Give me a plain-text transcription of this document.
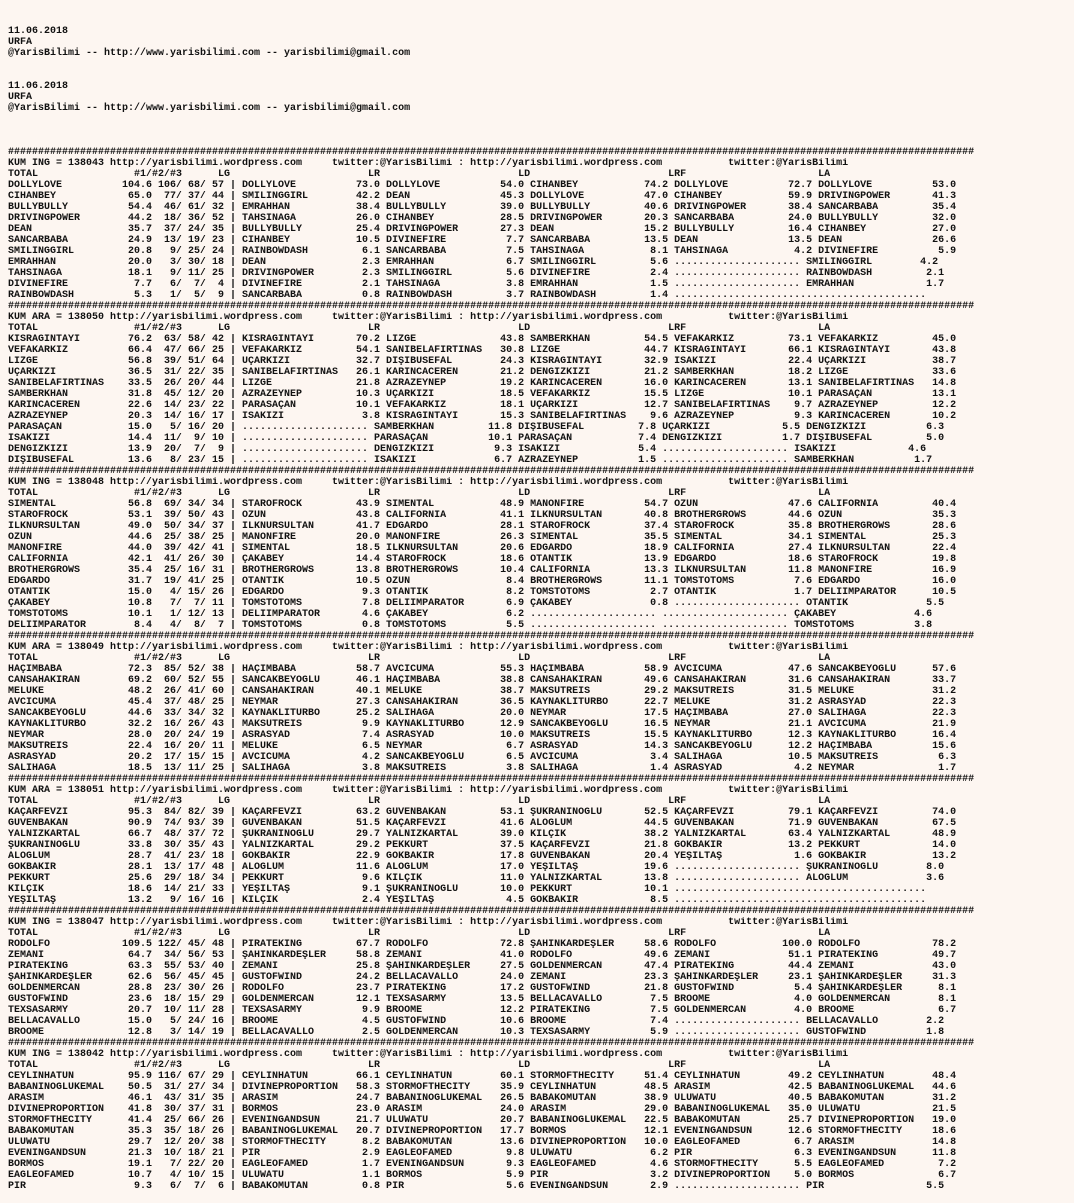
11.06.2018
URFA
@YarisBilimi -- http://www.yarisbilimi.com -- yarisbilimi@gmail.com

11.06.2018
URFA
@YarisBilimi -- http://www.yarisbilimi.com -- yarisbilimi@gmail.com

#################################################################################################################################################################
KUM ING = 138043 http://yarisbilimi.wordpress.com     twitter:@YarisBilimi : http://yarisbilimi.wordpress.com           twitter:@YarisBilimi
TOTAL                #1/#2/#3      LG                       LR                       LD                       LRF                      LA
DOLLYLOVE          104.6 106/ 68/ 57 | DOLLYLOVE          73.0 DOLLYLOVE          54.0 CIHANBEY           74.2 DOLLYLOVE          72.7 DOLLYLOVE          53.0
CIHANBEY            65.0  77/ 37/ 44 | SMILINGGIRL        42.2 DEAN               45.3 DOLLYLOVE          47.0 CIHANBEY           59.9 DRIVINGPOWER       41.3
BULLYBULLY          54.4  46/ 61/ 32 | EMRAHHAN           38.4 BULLYBULLY         39.0 BULLYBULLY         40.6 DRIVINGPOWER       38.4 SANCARBABA         35.4
DRIVINGPOWER        44.2  18/ 36/ 52 | TAHSINAGA          26.0 CIHANBEY           28.5 DRIVINGPOWER       20.3 SANCARBABA         24.0 BULLYBULLY         32.0
DEAN                35.7  37/ 24/ 35 | BULLYBULLY         25.4 DRIVINGPOWER       27.3 DEAN               15.2 BULLYBULLY         16.4 CIHANBEY           27.0
SANCARBABA          24.9  13/ 19/ 23 | CIHANBEY           10.5 DIVINEFIRE          7.7 SANCARBABA         13.5 DEAN               13.5 DEAN               26.6
SMILINGGIRL         20.8   9/ 25/ 24 | RAINBOWDASH         6.1 SANCARBABA          7.5 TAHSINAGA           8.1 TAHSINAĞA           4.2 DIVINEFIRE          5.9
EMRAHHAN            20.0   3/ 30/ 18 | DEAN                2.3 EMRAHHAN            6.7 SMILINGGIRL         5.6 ..................... SMILINGGIRL        4.2
TAHSINAGA           18.1   9/ 11/ 25 | DRIVINGPOWER        2.3 SMILINGGIRL         5.6 DIVINEFIRE          2.4 ..................... RAINBOWDASH         2.1
DIVINEFIRE           7.7   6/  7/  4 | DIVINEFIRE          2.1 TAHSINAGA           3.8 EMRAHHAN            1.5 ..................... EMRAHHAN            1.7
RAINBOWDASH          5.3   1/  5/  9 | SANCARBABA          0.8 RAINBOWDASH         3.7 RAINBOWDASH         1.4 ..........................................
#################################################################################################################################################################
KUM ARA = 138050 http://yarisbilimi.wordpress.com     twitter:@YarisBilimi : http://yarisbilimi.wordpress.com           twitter:@YarisBilimi
TOTAL                #1/#2/#3      LG                       LR                       LD                       LRF                      LA
KISRAĞINTAYI        76.2  63/ 58/ 42 | KISRAĞINTAYI       70.2 LİZGE              43.8 SAMBERKHAN         54.5 VEFAKARKIZ         73.1 VEFAKARKIZ         45.0
VEFAKARKIZ          66.4  47/ 66/ 25 | VEFAKARKIZ         54.1 SANİBELAFIRTINAS   30.8 LİZGE              44.7 KISRAĞINTAYI       66.1 KISRAĞINTAYI       43.8
LİZGE               56.8  39/ 51/ 64 | UÇARKIZI           32.7 DİŞİBUSEFAL        24.3 KISRAĞINTAYI       32.9 İSAKIZI            22.4 UÇARKIZI           38.7
UÇARKIZI            36.5  31/ 22/ 35 | SANİBELAFIRTINAS   26.1 KARINCACEREN       21.2 DENGIZKIZI         21.2 SAMBERKHAN         18.2 LİZGE              33.6
SANİBELAFIRTINAS    33.5  26/ 20/ 44 | LİZGE              21.8 AZRAZEYNEP         19.2 KARINCACEREN       16.0 KARINCACEREN       13.1 SANİBELAFIRTINAS   14.8
SAMBERKHAN          31.8  45/ 12/ 20 | AZRAZEYNEP         10.3 UÇARKIZI           18.5 VEFAKARKIZ         15.5 LİZGE              10.1 PARASAÇAN          13.1
KARINCACEREN        22.6  14/ 23/ 22 | PARASAÇAN          10.1 VEFAKARKIZ         18.1 UÇARKIZI           12.7 SANİBELAFIRTINAS    9.7 AZRAZEYNEP         12.2
AZRAZEYNEP          20.3  14/ 16/ 17 | İSAKIZI             3.8 KISRAĞINTAYI       15.3 SANİBELAFIRTINAS    9.6 AZRAZEYNEP          9.3 KARINCACEREN       10.2
PARASAÇAN           15.0   5/ 16/ 20 | ..................... SAMBERKHAN         11.8 DİŞİBUSEFAL         7.8 UÇARKIZI            5.5 DENGIZKIZI          6.3
İSAKIZI             14.4  11/  9/ 10 | ..................... PARASAÇAN          10.1 PARASAÇAN           7.4 DENGIZKIZI          1.7 DİŞİBUSEFAL         5.0
DENGIZKIZI          13.9  20/  7/  9 | ..................... DENGIZKIZI          9.3 İSAKIZI             5.4 ..................... İSAKIZI            4.6
DİŞİBUSEFAL         13.6   8/ 23/ 15 | ..................... İSAKIZI             6.7 AZRAZEYNEP          1.5 ..................... SAMBERKHAN          1.7
#################################################################################################################################################################
KUM ING = 138048 http://yarisbilimi.wordpress.com     twitter:@YarisBilimi : http://yarisbilimi.wordpress.com           twitter:@YarisBilimi
TOTAL                #1/#2/#3      LG                       LR                       LD                       LRF                      LA
SIMENTAL            56.8  69/ 34/ 34 | STAROFROCK         43.9 SIMENTAL           48.9 MANONFIRE          54.7 ÖZÜN               47.6 CALIFORNIA         40.4
STAROFROCK          53.1  39/ 50/ 43 | ÖZÜN               43.8 CALIFORNIA         41.1 İLKNURSULTAN       40.8 BROTHERGROWS       44.6 ÖZÜN               35.3
İLKNURSULTAN        49.0  50/ 34/ 37 | İLKNURSULTAN       41.7 EDGARDO            28.1 STAROFROCK         37.4 STAROFROCK         35.8 BROTHERGROWS       28.6
ÖZÜN                44.6  25/ 38/ 25 | MANONFIRE          20.0 MANONFIRE          26.3 SIMENTAL           35.5 SIMENTAL           34.1 SIMENTAL           25.3
MANONFIRE           44.0  39/ 42/ 41 | SIMENTAL           18.5 İLKNURSULTAN       20.6 EDGARDO            18.9 CALIFORNIA         27.4 İLKNURSULTAN       22.4
CALIFORNIA          42.1  41/ 26/ 30 | ÇAKABEY            14.4 STAROFROCK         18.6 OTANTİK            13.9 EDGARDO            18.6 STAROFROCK         19.8
BROTHERGROWS        35.4  25/ 16/ 31 | BROTHERGROWS       13.8 BROTHERGROWS       10.4 CALIFORNIA         13.3 İLKNURSULTAN       11.8 MANONFIRE          16.9
EDGARDO             31.7  19/ 41/ 25 | OTANTİK            10.5 ÖZÜN                8.4 BROTHERGROWS       11.1 TOMSTOTOMS          7.6 EDGARDO            16.0
OTANTİK             15.0   4/ 15/ 26 | EDGARDO             9.3 OTANTİK             8.2 TOMSTOTOMS          2.7 OTANTİK             1.7 DELİİMPARATOR      10.5
ÇAKABEY             10.8   7/  7/ 11 | TOMSTOTOMS          7.8 DELİİMPARATOR       6.9 ÇAKABEY             0.8 ..................... OTANTİK             5.5
TOMSTOTOMS          10.1   1/ 12/ 13 | DELİİMPARATOR       4.6 ÇAKABEY             6.2 ..................... ..................... ÇAKABEY             4.6
DELİİMPARATOR        8.4   4/  8/  7 | TOMSTOTOMS          0.8 TOMSTOTOMS          5.5 ..................... ..................... TOMSTOTOMS          3.8
#################################################################################################################################################################
KUM ARA = 138049 http://yarisbilimi.wordpress.com     twitter:@YarisBilimi : http://yarisbilimi.wordpress.com           twitter:@YarisBilimi
TOTAL                #1/#2/#3      LG                       LR                       LD                       LRF                      LA
HAÇIMBABA           72.3  85/ 52/ 38 | HAÇIMBABA          58.7 AVCICUMA           55.3 HAÇIMBABA          58.9 AVCICUMA           47.6 SANCAKBEYOĞLU      57.6
CANSAHAKIRAN        69.2  60/ 52/ 55 | SANCAKBEYOĞLU      46.1 HAÇIMBABA          38.8 CANSAHAKIRAN       49.6 CANSAHAKIRAN       31.6 CANSAHAKIRAN       33.7
MELUKE              48.2  26/ 41/ 60 | CANSAHAKIRAN       40.1 MELUKE             38.7 MAKSUTREİS         29.2 MAKSUTREİS         31.5 MELUKE             31.2
AVCICUMA            45.4  37/ 48/ 25 | NEYMAR             27.3 CANSAHAKIRAN       36.5 KAYNAKLITURBO      22.7 MELUKE             31.2 ASRASYAD           22.3
SANCAKBEYOĞLU       44.6  33/ 34/ 32 | KAYNAKLITURBO      25.2 SALİHAGA           20.0 NEYMAR             17.5 HAÇIMBABA          27.0 SALİHAGA           22.3
KAYNAKLITURBO       32.2  16/ 26/ 43 | MAKSUTREİS          9.9 KAYNAKLITURBO      12.9 SANCAKBEYOĞLU      16.5 NEYMAR             21.1 AVCICUMA           21.9
NEYMAR              28.0  20/ 24/ 19 | ASRASYAD            7.4 ASRASYAD           10.0 MAKSUTREİS         15.5 KAYNAKLITURBO      12.3 KAYNAKLITURBO      16.4
MAKSUTREİS          22.4  16/ 20/ 11 | MELUKE              6.5 NEYMAR              6.7 ASRASYAD           14.3 SANCAKBEYOĞLU      12.2 HAÇIMBABA          15.6
ASRASYAD            20.2  17/ 15/ 15 | AVCICUMA            4.2 SANCAKBEYOĞLU       6.5 AVCICUMA            3.4 SALİHAGA           10.5 MAKSUTREİS          6.3
SALİHAGA            18.5  13/ 11/ 25 | SALİHAGA            3.8 MAKSUTREİS          3.8 SALİHAGA            1.4 ASRASYAD            4.2 NEYMAR              1.7
#################################################################################################################################################################
KUM ARA = 138051 http://yarisbilimi.wordpress.com     twitter:@YarisBilimi : http://yarisbilimi.wordpress.com           twitter:@YarisBilimi
TOTAL                #1/#2/#3      LG                       LR                       LD                       LRF                      LA
KAÇARFEVZİ          95.3  84/ 82/ 39 | KAÇARFEVZİ         63.2 GÜVENBAKAN         53.1 ŞUKRANINOĞLU       52.5 KAÇARFEVZİ         79.1 KAÇARFEVZİ         74.0
GÜVENBAKAN          90.9  74/ 93/ 39 | GÜVENBAKAN         51.5 KAÇARFEVZİ         41.6 ALOGLUM            44.5 GÜVENBAKAN         71.9 GÜVENBAKAN         67.5
YALNIZKARTAL        66.7  48/ 37/ 72 | ŞUKRANINOĞLU       29.7 YALNIZKARTAL       39.0 KILÇIK             38.2 YALNIZKARTAL       63.4 YALNIZKARTAL       48.9
ŞUKRANINOĞLU        33.8  30/ 35/ 43 | YALNIZKARTAL       29.2 PEKKURT            37.5 KAÇARFEVZİ         21.8 GOKBAKIR           13.2 PEKKURT            14.0
ALOGLUM             28.7  41/ 23/ 18 | GOKBAKIR           22.9 GOKBAKIR           17.8 GÜVENBAKAN         20.4 YEŞİLTAŞ            1.6 GOKBAKIR           13.2
GOKBAKIR            28.1  13/ 17/ 48 | ALOGLUM            11.6 ALOGLUM            17.0 YEŞİLTAŞ           19.6 ..................... ŞUKRANINOĞLU        8.0
PEKKURT             25.6  29/ 18/ 34 | PEKKURT             9.6 KILÇIK             11.0 YALNIZKARTAL       13.8 ..................... ALOGLUM             3.6
KILÇIK              18.6  14/ 21/ 33 | YEŞİLTAŞ            9.1 ŞUKRANINOĞLU       10.0 PEKKURT            10.1 ..........................................
YEŞİLTAŞ            13.2   9/ 16/ 16 | KILÇIK              2.4 YEŞİLTAŞ            4.5 GOKBAKIR            8.5 ..........................................
#################################################################################################################################################################
KUM ING = 138047 http://yarisbilimi.wordpress.com     twitter:@YarisBilimi : http://yarisbilimi.wordpress.com           twitter:@YarisBilimi
TOTAL                #1/#2/#3      LG                       LR                       LD                       LRF                      LA
RODOLFO            109.5 122/ 45/ 48 | PIRATEKING         67.7 RODOLFO            72.8 ŞAHİNKARDEŞLER     58.6 RODOLFO           100.0 RODOLFO            78.2
ZEMANİ              64.7  34/ 56/ 53 | ŞAHİNKARDEŞLER     58.8 ZEMANİ             41.0 RODOLFO            49.6 ZEMANİ             51.1 PIRATEKING         49.7
PIRATEKING          63.3  55/ 53/ 40 | ZEMANİ             25.8 ŞAHİNKARDEŞLER     27.5 GOLDENMERCAN       47.4 PIRATEKING         44.4 ZEMANİ             43.0
ŞAHİNKARDEŞLER      62.6  56/ 45/ 45 | GUSTOFWIND         24.2 BELLACAVALLO       24.0 ZEMANİ             23.3 ŞAHİNKARDEŞLER     23.1 ŞAHİNKARDEŞLER     31.3
GOLDENMERCAN        28.8  23/ 30/ 26 | RODOLFO            23.7 PIRATEKING         17.2 GUSTOFWIND         21.8 GUSTOFWIND          5.4 ŞAHİNKARDEŞLER      8.1
GUSTOFWIND          23.6  18/ 15/ 29 | GOLDENMERCAN       12.1 TEXSASARMY         13.5 BELLACAVALLO        7.5 BROOME              4.0 GOLDENMERCAN        8.1
TEXSASARMY          20.7  10/ 11/ 28 | TEXSASARMY          9.9 BROOME             12.2 PIRATEKING          7.5 GOLDENMERCAN        4.0 BROOME              6.7
BELLACAVALLO        15.0   5/ 24/ 16 | BROOME              4.5 GUSTOFWIND         10.6 BROOME              7.4 ..................... BELLACAVALLO        2.2
BROOME              12.8   3/ 14/ 19 | BELLACAVALLO        2.5 GOLDENMERCAN       10.3 TEXSASARMY          5.9 ..................... GUSTOFWIND          1.8
#################################################################################################################################################################
KUM ING = 138042 http://yarisbilimi.wordpress.com     twitter:@YarisBilimi : http://yarisbilimi.wordpress.com           twitter:@YarisBilimi
TOTAL                #1/#2/#3      LG                       LR                       LD                       LRF                      LA
CEYLİNHATUN         95.9 116/ 67/ 29 | CEYLİNHATUN        66.1 CEYLİNHATUN        60.1 STORMOFTHECITY     51.4 CEYLİNHATUN        49.2 CEYLİNHATUN        48.4
BABANINOGLUKEMAL    50.5  31/ 27/ 34 | DIVINEPROPORTION   58.3 STORMOFTHECITY     35.9 CEYLİNHATUN        48.5 ARASIM             42.5 BABANINOGLUKEMAL   44.6
ARASIM              46.1  43/ 31/ 35 | ARASIM             24.7 BABANINOGLUKEMAL   26.5 BABAKOMUTAN        38.9 ULUWATU            40.5 BABAKOMUTAN        31.2
DIVINEPROPORTION    41.8  30/ 37/ 31 | BORMOS             23.0 ARASIM             24.0 ARASIM             29.0 BABANINOĞLUKEMAL   35.0 ULUWATU            21.5
STORMOFTHECITY      41.4  25/ 66/ 26 | EVENINGANDSUN      21.7 ULUWATU            20.7 BABANINOĞLUKEMAL   22.5 BABAKOMUTAN        25.7 DIVINEPROPORTION   19.0
BABAKOMUTAN         35.3  35/ 18/ 26 | BABANINOĞLUKEMAL   20.7 DIVINEPROPORTION   17.7 BORMOS             12.1 EVENINGANDSUN      12.6 STORMOFTHECITY     18.6
ULUWATU             29.7  12/ 20/ 38 | STORMOFTHECITY      8.2 BABAKOMUTAN        13.6 DIVINEPROPORTION   10.0 EAGLEOFAMED         6.7 ARASIM             14.8
EVENINGANDSUN       21.3  10/ 18/ 21 | PIR                 2.9 EAGLEOFAMED         9.8 ULUWATU             6.2 PIR                 6.3 EVENINGANDSUN      11.8
BORMOS              19.1   7/ 22/ 20 | EAGLEOFAMED         1.7 EVENINGANDSUN       9.3 EAGLEOFAMED         4.6 STORMOFTHECITY      5.5 EAGLEOFAMED         7.2
EAGLEOFAMED         10.7   4/ 10/ 15 | ULUWATU             1.1 BORMOS              5.9 PIR                 3.2 DIVINEPROPORTION    5.0 BORMOS              6.7
PIR                  9.3   6/  7/  6 | BABAKOMUTAN         0.8 PIR                 5.6 EVENINGANDSUN       2.9 ..................... PIR                 5.5
